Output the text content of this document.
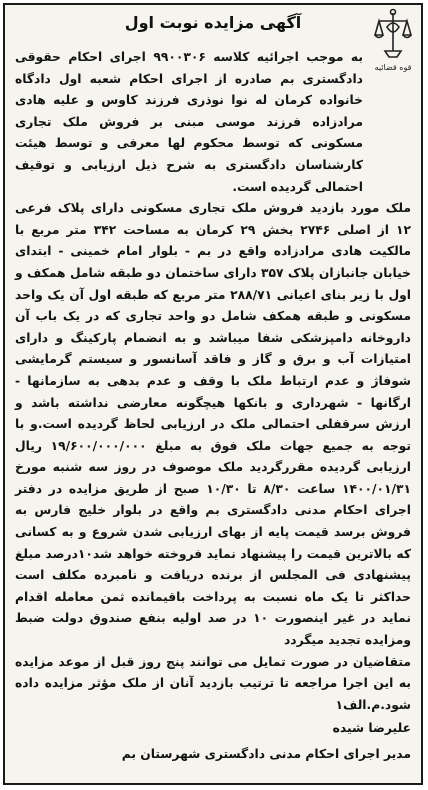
آگهی مزایده نوبت اول
قوه قضائیه

به موجب اجرائیه کلاسه ۹۹۰۰۳۰۶ اجرای احکام حقوقی دادگستری بم صادره از اجرای احکام شعبه اول دادگاه خانواده کرمان له نوا نوذری فرزند کاوس و علیه هادی مرادزاده فرزند موسی مبنی بر فروش ملک تجاری مسکونی که توسط محکوم لها معرفی و توسط هیئت کارشناسان دادگستری به شرح ذیل ارزیابی و توقیف احتمالی گردیده است.

ملک مورد بازدید فروش ملک تجاری مسکونی دارای پلاک فرعی ۱۲ از اصلی ۲۷۴۶ بخش ۲۹ کرمان به مساحت ۳۴۲ متر مربع با مالکیت هادی مرادزاده واقع در بم - بلوار امام خمینی - ابتدای خیابان جانبازان پلاک ۳۵۷ دارای ساختمان دو طبقه شامل همکف و اول با زیر بنای اعیانی ۲۸۸/۷۱ متر مربع که طبقه اول آن یک واحد مسکونی و طبقه همکف شامل دو واحد تجاری که در یک باب آن داروخانه دامپزشکی شفا میباشد و به انضمام پارکینگ و دارای امتیازات آب و برق و گاز و فاقد آسانسور و سیستم گرمایشی شوفاژ و عدم ارتباط ملک با وقف و عدم بدهی به سازمانها - ارگانها - شهرداری و بانکها هیچگونه معارضی نداشته باشد و ارزش سرقفلی احتمالی ملک در ارزیابی لحاظ گردیده است.و با توجه به جمیع جهات ملک فوق به مبلغ ۱۹/۶۰۰/۰۰۰/۰۰۰ ریال ارزیابی گردیده مقررگردید ملک موصوف در روز سه شنبه مورخ ۱۴۰۰/۰۱/۳۱ ساعت ۸/۳۰ تا ۱۰/۳۰ صبح از طریق مزایده در دفتر اجرای احکام مدنی دادگستری بم واقع در بلوار خلیج فارس به فروش برسد قیمت پایه از بهای ارزیابی شدن شروع و به کسانی که بالاترین قیمت را پیشنهاد نماید فروخته خواهد شد۱۰درصد مبلغ پیشنهادی فی المجلس از برنده دریافت و نامبرده مکلف است حداکثر تا یک ماه نسبت به پرداخت باقیمانده ثمن معامله اقدام نماید در غیر اینصورت ۱۰ در صد اولیه بنفع صندوق دولت ضبط ومزایده تجدید میگردد

متقاضیان در صورت تمایل می توانند پنج روز قبل از موعد مزایده به این اجرا مراجعه تا ترتیب بازدید آنان از ملک مؤثر مزایده داده شود.م.الف۱

علیرضا شیده
مدیر اجرای احکام مدنی دادگستری شهرستان بم
